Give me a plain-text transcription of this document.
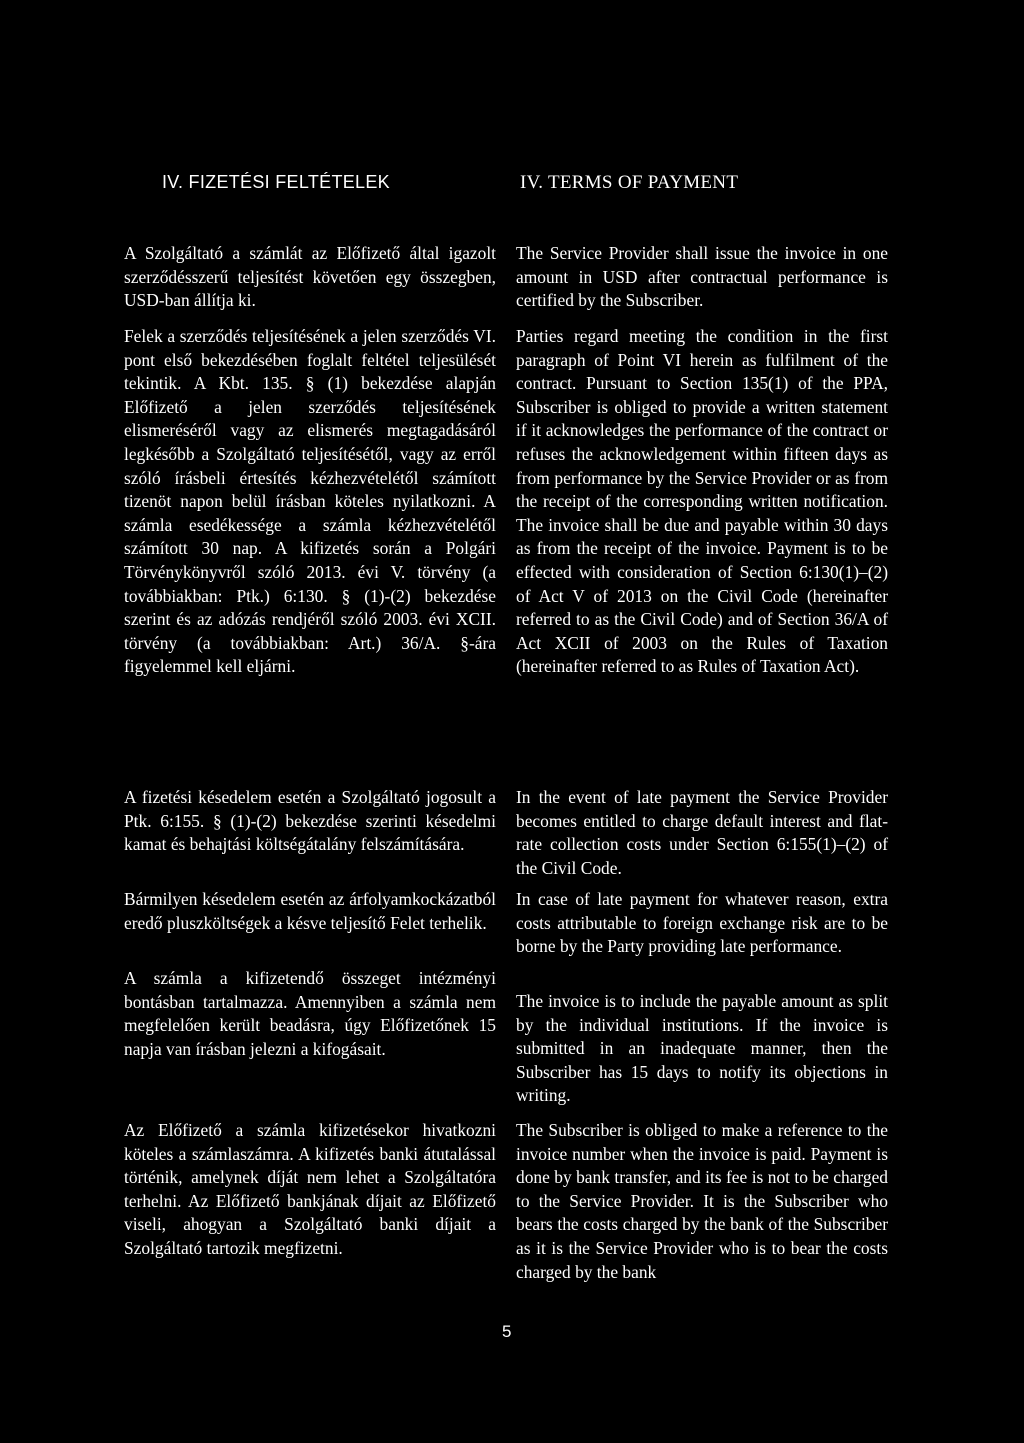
IV. FIZETÉSI FELTÉTELEK	IV. TERMS OF PAYMENT

A Szolgáltató a számlát az Előfizető által igazolt szerződésszerű teljesítést követően egy összegben, USD-ban állítja ki.

Felek a szerződés teljesítésének a jelen szerződés VI. pont első bekezdésében foglalt feltétel teljesülését tekintik. A Kbt. 135. § (1) bekezdése alapján Előfizető a jelen szerződés teljesítésének elismeréséről vagy az elismerés megtagadásáról legkésőbb a Szolgáltató teljesítésétől, vagy az erről szóló írásbeli értesítés kézhezvételétől számított tizenöt napon belül írásban köteles nyilatkozni. A számla esedékessége a számla kézhezvételétől számított 30 nap. A kifizetés során a Polgári Törvénykönyvről szóló 2013. évi V. törvény (a továbbiakban: Ptk.) 6:130. § (1)-(2) bekezdése szerint és az adózás rendjéről szóló 2003. évi XCII. törvény (a továbbiakban: Art.) 36/A. §-ára figyelemmel kell eljárni.

A fizetési késedelem esetén a Szolgáltató jogosult a Ptk. 6:155. § (1)-(2) bekezdése szerinti késedelmi kamat és behajtási költségátalány felszámítására.

Bármilyen késedelem esetén az árfolyamkockázatból eredő pluszköltségek a késve teljesítő Felet terhelik.

A számla a kifizetendő összeget intézményi bontásban tartalmazza. Amennyiben a számla nem megfelelően került beadásra, úgy Előfizetőnek 15 napja van írásban jelezni a kifogásait.

Az Előfizető a számla kifizetésekor hivatkozni köteles a számlaszámra. A kifizetés banki átutalással történik, amelynek díját nem lehet a Szolgáltatóra terhelni. Az Előfizető bankjának díjait az Előfizető viseli, ahogyan a Szolgáltató banki díjait a Szolgáltató tartozik megfizetni.

The Service Provider shall issue the invoice in one amount in USD after contractual performance is certified by the Subscriber.

Parties regard meeting the condition in the first paragraph of Point VI herein as fulfilment of the contract. Pursuant to Section 135(1) of the PPA, Subscriber is obliged to provide a written statement if it acknowledges the performance of the contract or refuses the acknowledgement within fifteen days as from performance by the Service Provider or as from the receipt of the corresponding written notification. The invoice shall be due and payable within 30 days as from the receipt of the invoice. Payment is to be effected with consideration of Section 6:130(1)–(2) of Act V of 2013 on the Civil Code (hereinafter referred to as the Civil Code) and of Section 36/A of Act XCII of 2003 on the Rules of Taxation (hereinafter referred to as Rules of Taxation Act).

In the event of late payment the Service Provider becomes entitled to charge default interest and flat-rate collection costs under Section 6:155(1)–(2) of the Civil Code.

In case of late payment for whatever reason, extra costs attributable to foreign exchange risk are to be borne by the Party providing late performance.

The invoice is to include the payable amount as split by the individual institutions. If the invoice is submitted in an inadequate manner, then the Subscriber has 15 days to notify its objections in writing.

The Subscriber is obliged to make a reference to the invoice number when the invoice is paid. Payment is done by bank transfer, and its fee is not to be charged to the Service Provider. It is the Subscriber who bears the costs charged by the bank of the Subscriber as it is the Service Provider who is to bear the costs charged by the bank

5
